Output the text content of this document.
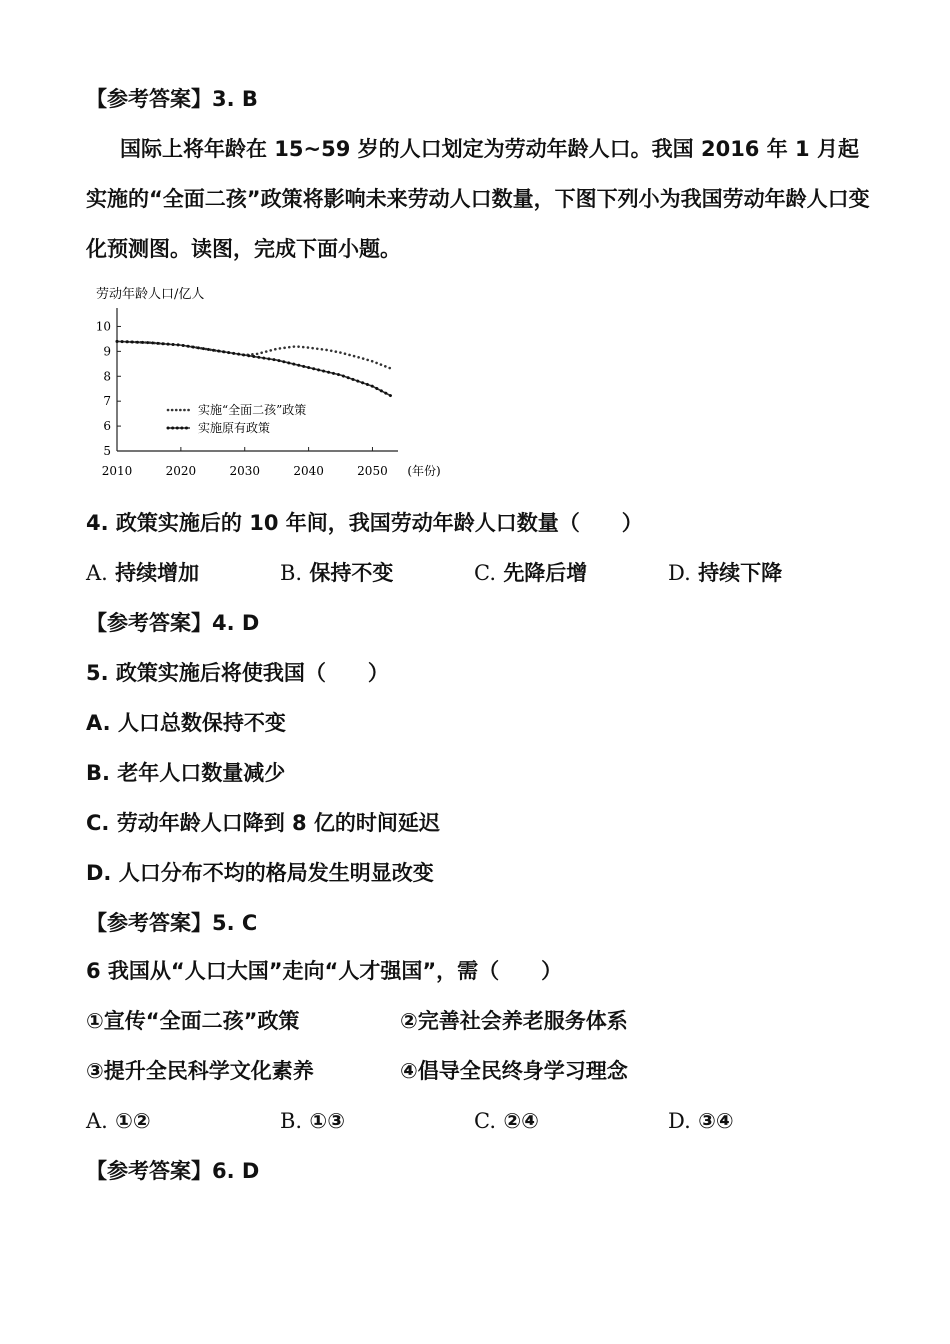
【参考答案】3. B
国际上将年龄在 15~59 岁的人口划定为劳动年龄人口。我国 2016 年 1 月起实施的“全面二孩”政策将影响未来劳动人口数量，下图下列小为我国劳动年龄人口变化预测图。读图，完成下面小题。
劳动年龄人口/亿人
5
6
7
8
9
10
2010	2020	2030	2040	2050 (年份)
实施“全面二孩”政策
实施原有政策
4. 政策实施后的 10 年间，我国劳动年龄人口数量（　　）
A. 持续增加	B. 保持不变	C. 先降后增	D. 持续下降
【参考答案】4. D
5. 政策实施后将使我国（　　）
A. 人口总数保持不变
B. 老年人口数量减少
C. 劳动年龄人口降到 8 亿的时间延迟
D. 人口分布不均的格局发生明显改变
【参考答案】5. C
6 我国从“人口大国”走向“人才强国”，需（　　）
①宣传“全面二孩”政策	②完善社会养老服务体系
③提升全民科学文化素养	④倡导全民终身学习理念
A. ①②	B. ①③	C. ②④	D. ③④
【参考答案】6. D
